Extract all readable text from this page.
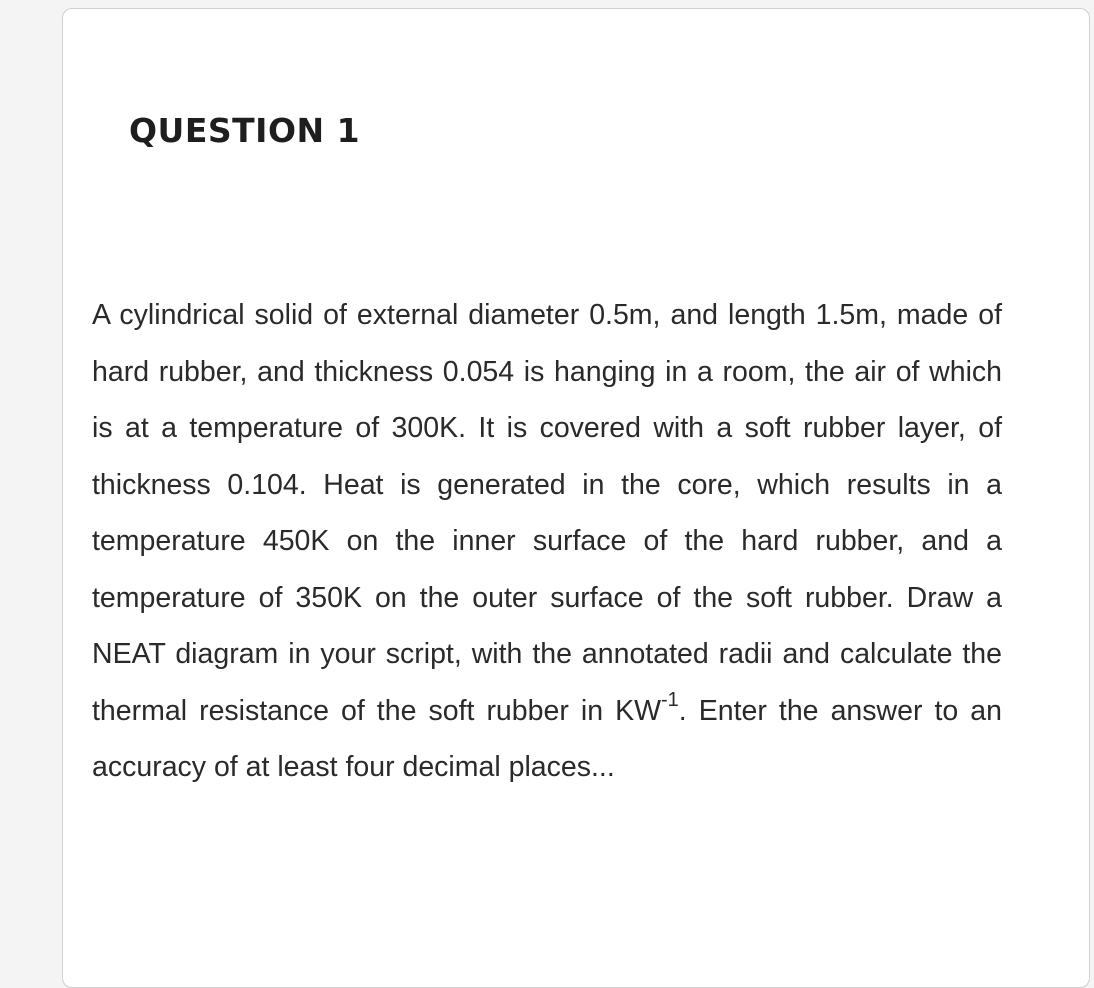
QUESTION 1

A cylindrical solid of external diameter 0.5m, and length 1.5m, made of hard rubber, and thickness 0.054 is hanging in a room, the air of which is at a temperature of 300K. It is covered with a soft rubber layer, of thickness 0.104. Heat is generated in the core, which results in a temperature 450K on the inner surface of the hard rubber, and a temperature of 350K on the outer surface of the soft rubber. Draw a NEAT diagram in your script, with the annotated radii and calculate the thermal resistance of the soft rubber in $KW^{-1}$. Enter the answer to an accuracy of at least four decimal places...
